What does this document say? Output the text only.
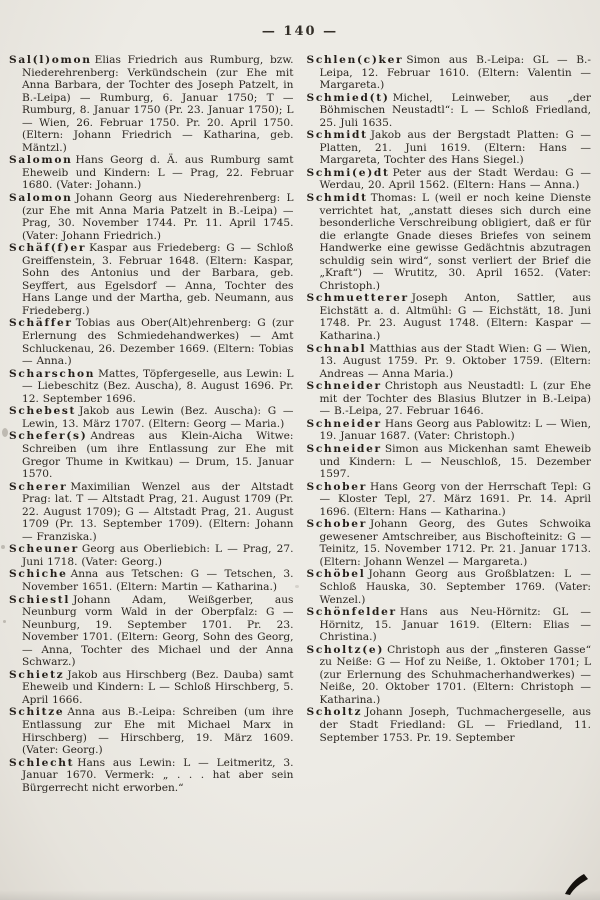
— 140 —

Sal(l)omon Elias Friedrich aus Rumburg, bzw. Niederehrenberg: Verkündschein (zur Ehe mit Anna Barbara, der Tochter des Joseph Patzelt, in B.-Leipa) — Rumburg, 6. Januar 1750; T — Rumburg, 8. Januar 1750 (Pr. 23. Januar 1750); L — Wien, 26. Februar 1750. Pr. 20. April 1750. (Eltern: Johann Friedrich — Katharina, geb. Mäntzl.)

Salomon Hans Georg d. Ä. aus Rumburg samt Eheweib und Kindern: L — Prag, 22. Februar 1680. (Vater: Johann.)

Salomon Johann Georg aus Niederehrenberg: L (zur Ehe mit Anna Maria Patzelt in B.-Leipa) — Prag, 30. November 1744. Pr. 11. April 1745. (Vater: Johann Friedrich.)

Schäf(f)er Kaspar aus Friedeberg: G — Schloß Greiffenstein, 3. Februar 1648. (Eltern: Kaspar, Sohn des Antonius und der Barbara, geb. Seyffert, aus Egelsdorf — Anna, Tochter des Hans Lange und der Martha, geb. Neumann, aus Friedeberg.)

Schäffer Tobias aus Ober(Alt)ehrenberg: G (zur Erlernung des Schmiedehandwerkes) — Amt Schluckenau, 26. Dezember 1669. (Eltern: Tobias — Anna.)

Scharschon Mattes, Töpfergeselle, aus Lewin: L — Liebeschitz (Bez. Auscha), 8. August 1696. Pr. 12. September 1696.

Schebest Jakob aus Lewin (Bez. Auscha): G — Lewin, 13. März 1707. (Eltern: Georg — Maria.)

Schefer(s) Andreas aus Klein-Aicha Witwe: Schreiben (um ihre Entlassung zur Ehe mit Gregor Thume in Kwitkau) — Drum, 15. Januar 1570.

Scherer Maximilian Wenzel aus der Altstadt Prag: lat. T — Altstadt Prag, 21. August 1709 (Pr. 22. August 1709); G — Altstadt Prag, 21. August 1709 (Pr. 13. September 1709). (Eltern: Johann — Franziska.)

Scheuner Georg aus Oberliebich: L — Prag, 27. Juni 1718. (Vater: Georg.)

Schiche Anna aus Tetschen: G — Tetschen, 3. November 1651. (Eltern: Martin — Katharina.)

Schiestl Johann Adam, Weißgerber, aus Neunburg vorm Wald in der Oberpfalz: G — Neunburg, 19. September 1701. Pr. 23. November 1701. (Eltern: Georg, Sohn des Georg, — Anna, Tochter des Michael und der Anna Schwarz.)

Schietz Jakob aus Hirschberg (Bez. Dauba) samt Eheweib und Kindern: L — Schloß Hirschberg, 5. April 1666.

Schitze Anna aus B.-Leipa: Schreiben (um ihre Entlassung zur Ehe mit Michael Marx in Hirschberg) — Hirschberg, 19. März 1609. (Vater: Georg.)

Schlecht Hans aus Lewin: L — Leitmeritz, 3. Januar 1670. Vermerk: „ . . . hat aber sein Bürgerrecht nicht erworben.“

Schlen(c)ker Simon aus B.-Leipa: GL — B.-Leipa, 12. Februar 1610. (Eltern: Valentin — Margareta.)

Schmied(t) Michel, Leinweber, aus „der Böhmischen Neustadtl“: L — Schloß Friedland, 25. Juli 1635.

Schmidt Jakob aus der Bergstadt Platten: G — Platten, 21. Juni 1619. (Eltern: Hans — Margareta, Tochter des Hans Siegel.)

Schmi(e)dt Peter aus der Stadt Werdau: G — Werdau, 20. April 1562. (Eltern: Hans — Anna.)

Schmidt Thomas: L (weil er noch keine Dienste verrichtet hat, „anstatt dieses sich durch eine besonderliche Verschreibung obligiert, daß er für die erlangte Gnade dieses Briefes von seinem Handwerke eine gewisse Gedächtnis abzutragen schuldig sein wird“, sonst verliert der Brief die „Kraft“) — Wrutitz, 30. April 1652. (Vater: Christoph.)

Schmuetterer Joseph Anton, Sattler, aus Eichstätt a. d. Altmühl: G — Eichstätt, 18. Juni 1748. Pr. 23. August 1748. (Eltern: Kaspar — Katharina.)

Schnabl Matthias aus der Stadt Wien: G — Wien, 13. August 1759. Pr. 9. Oktober 1759. (Eltern: Andreas — Anna Maria.)

Schneider Christoph aus Neustadtl: L (zur Ehe mit der Tochter des Blasius Blutzer in B.-Leipa) — B.-Leipa, 27. Februar 1646.

Schneider Hans Georg aus Pablowitz: L — Wien, 19. Januar 1687. (Vater: Christoph.)

Schneider Simon aus Mickenhan samt Eheweib und Kindern: L — Neuschloß, 15. Dezember 1597.

Schober Hans Georg von der Herrschaft Tepl: G — Kloster Tepl, 27. März 1691. Pr. 14. April 1696. (Eltern: Hans — Katharina.)

Schober Johann Georg, des Gutes Schwoika gewesener Amtschreiber, aus Bischofteinitz: G — Teinitz, 15. November 1712. Pr. 21. Januar 1713. (Eltern: Johann Wenzel — Margareta.)

Schöbel Johann Georg aus Großblatzen: L — Schloß Hauska, 30. September 1769. (Vater: Wenzel.)

Schönfelder Hans aus Neu-Hörnitz: GL — Hörnitz, 15. Januar 1619. (Eltern: Elias — Christina.)

Scholtz(e) Christoph aus der „finsteren Gasse“ zu Neiße: G — Hof zu Neiße, 1. Oktober 1701; L (zur Erlernung des Schuhmacherhandwerkes) — Neiße, 20. Oktober 1701. (Eltern: Christoph — Katharina.)

Scholtz Johann Joseph, Tuchmachergeselle, aus der Stadt Friedland: GL — Friedland, 11. September 1753. Pr. 19. September
